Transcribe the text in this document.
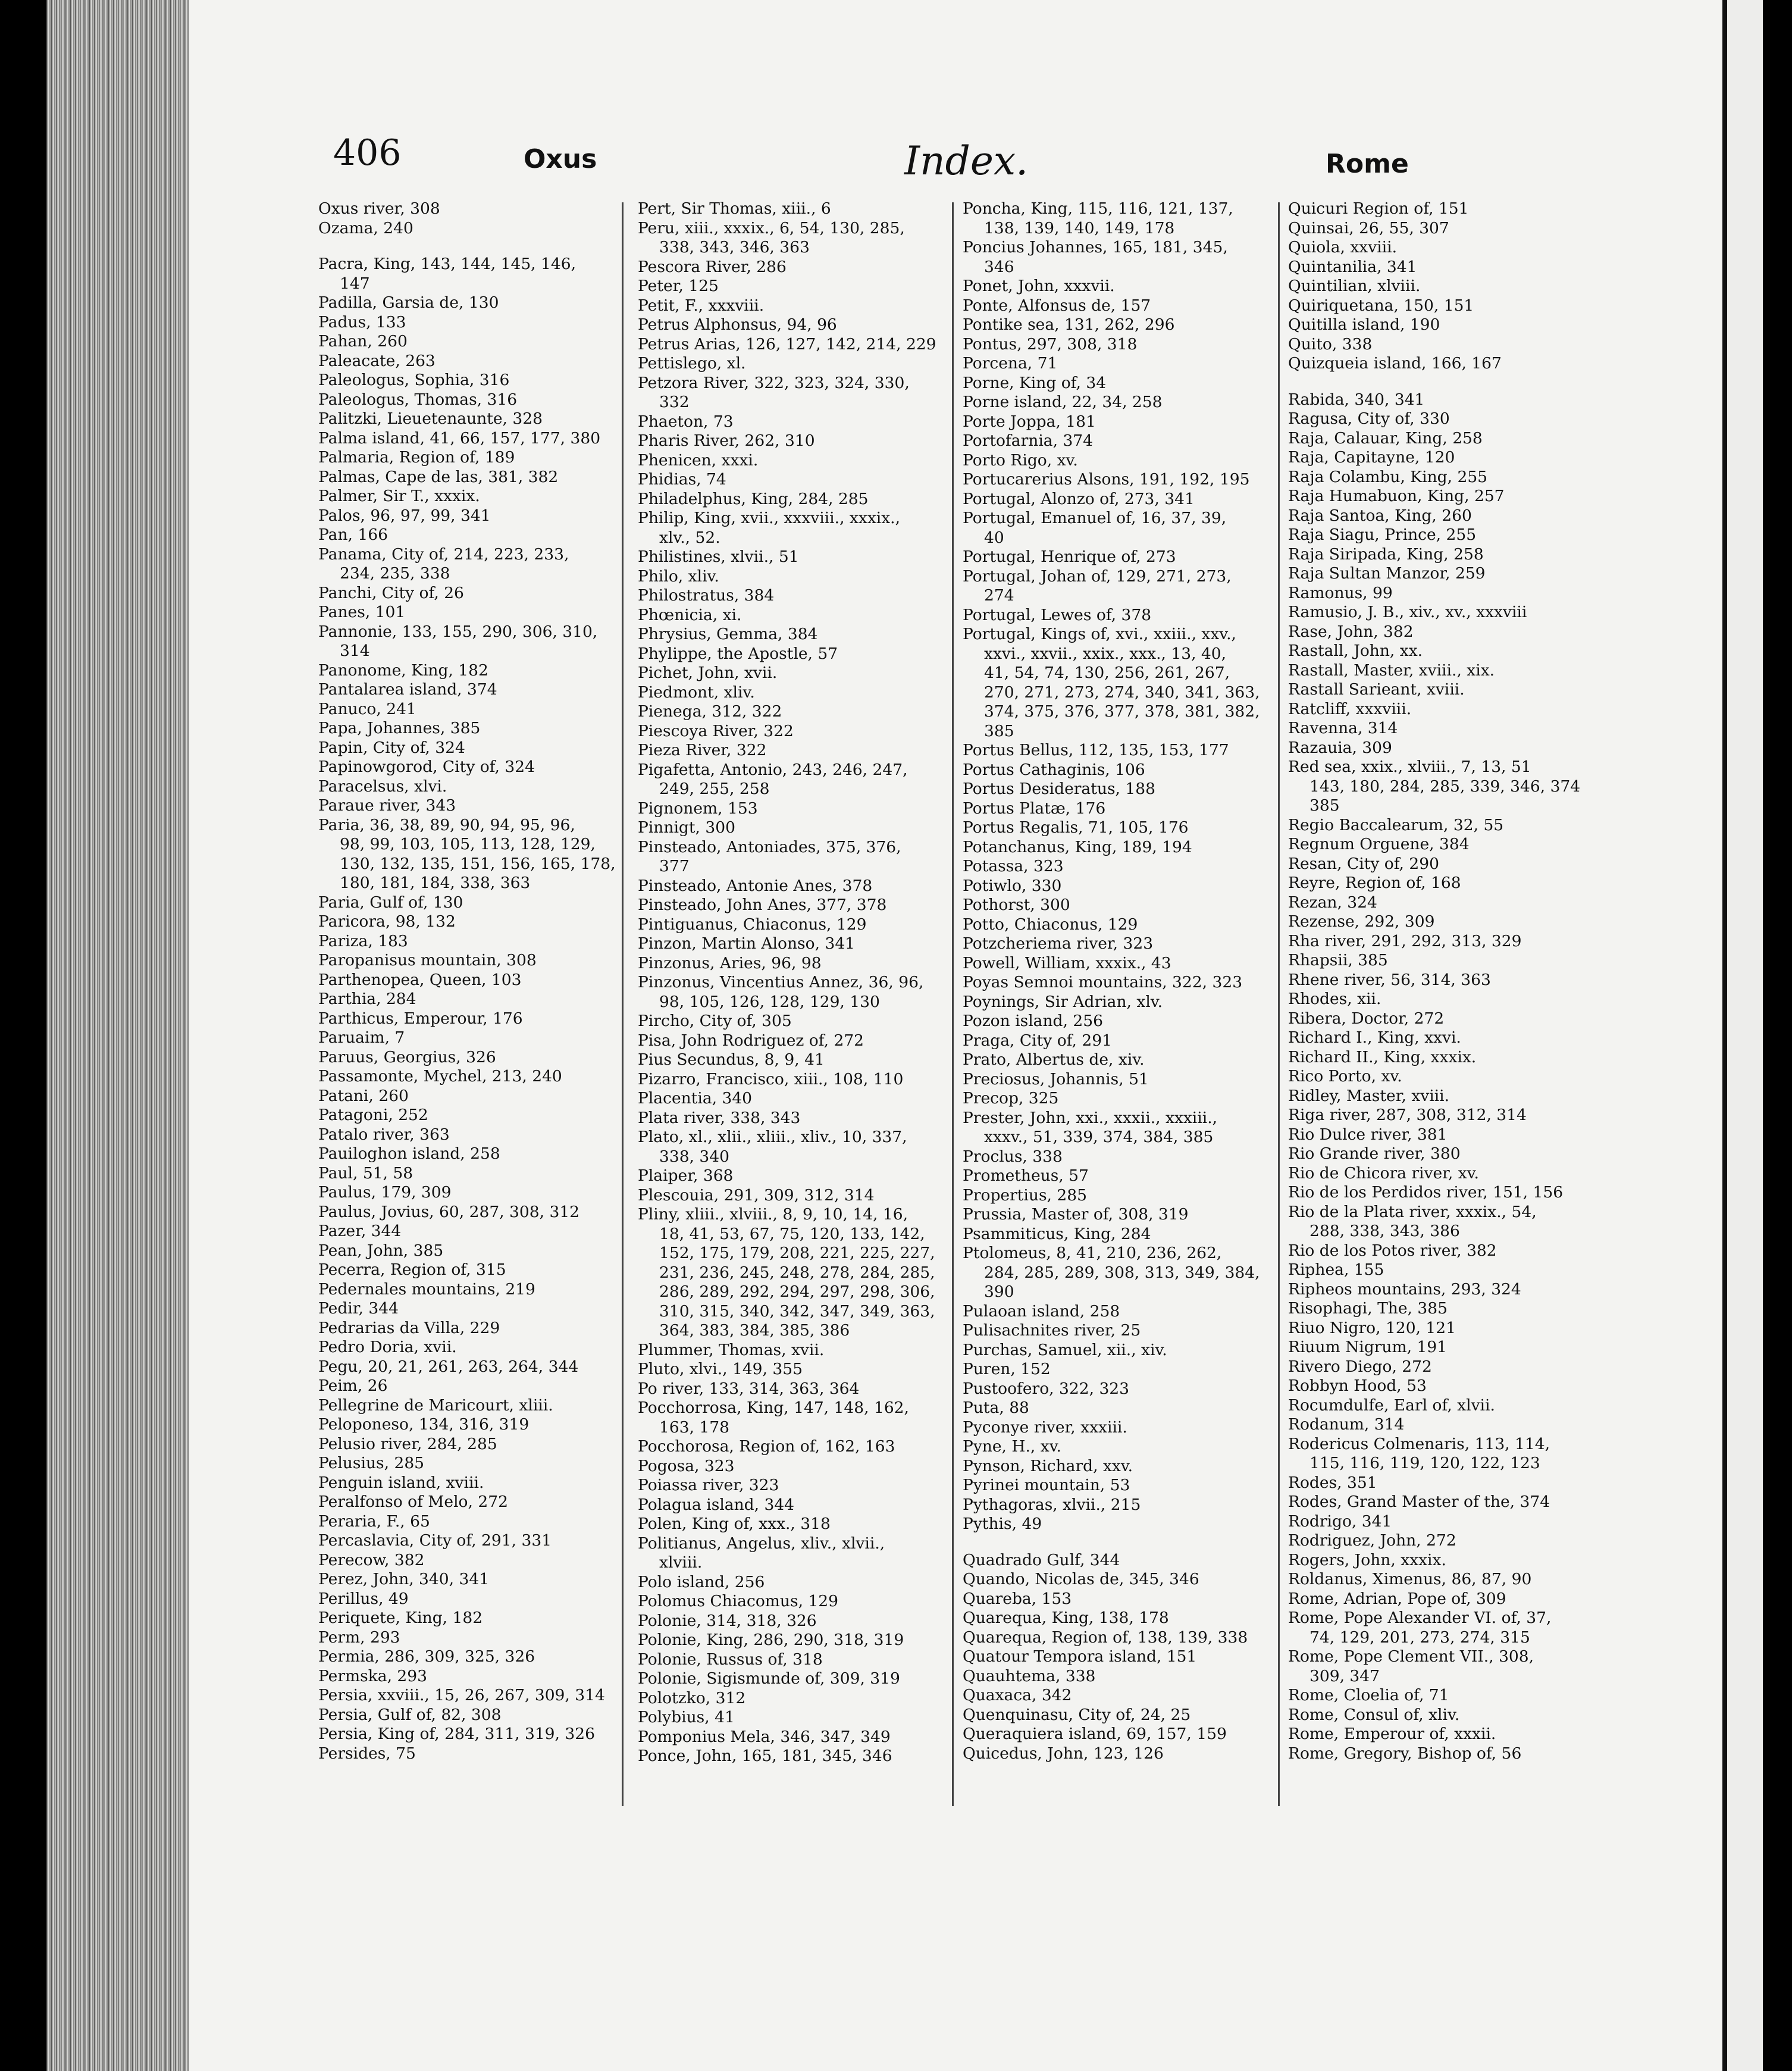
406	Oxus	Index.	Rome
Oxus river, 308
Ozama, 240
Pacra, King, 143, 144, 145, 146,
147
Padilla, Garsia de, 130
Padus, 133
Pahan, 260
Paleacate, 263
Paleologus, Sophia, 316
Paleologus, Thomas, 316
Palitzki, Lieuetenaunte, 328
Palma island, 41, 66, 157, 177, 380
Palmaria, Region of, 189
Palmas, Cape de las, 381, 382
Palmer, Sir T., xxxix.
Palos, 96, 97, 99, 341
Pan, 166
Panama, City of, 214, 223, 233,
234, 235, 338
Panchi, City of, 26
Panes, 101
Pannonie, 133, 155, 290, 306, 310,
314
Panonome, King, 182
Pantalarea island, 374
Panuco, 241
Papa, Johannes, 385
Papin, City of, 324
Papinowgorod, City of, 324
Paracelsus, xlvi.
Paraue river, 343
Paria, 36, 38, 89, 90, 94, 95, 96,
98, 99, 103, 105, 113, 128, 129,
130, 132, 135, 151, 156, 165, 178,
180, 181, 184, 338, 363
Paria, Gulf of, 130
Paricora, 98, 132
Pariza, 183
Paropanisus mountain, 308
Parthenopea, Queen, 103
Parthia, 284
Parthicus, Emperour, 176
Paruaim, 7
Paruus, Georgius, 326
Passamonte, Mychel, 213, 240
Patani, 260
Patagoni, 252
Patalo river, 363
Pauiloghon island, 258
Paul, 51, 58
Paulus, 179, 309
Paulus, Jovius, 60, 287, 308, 312
Pazer, 344
Pean, John, 385
Pecerra, Region of, 315
Pedernales mountains, 219
Pedir, 344
Pedrarias da Villa, 229
Pedro Doria, xvii.
Pegu, 20, 21, 261, 263, 264, 344
Peim, 26
Pellegrine de Maricourt, xliii.
Peloponeso, 134, 316, 319
Pelusio river, 284, 285
Pelusius, 285
Penguin island, xviii.
Peralfonso of Melo, 272
Peraria, F., 65
Percaslavia, City of, 291, 331
Perecow, 382
Perez, John, 340, 341
Perillus, 49
Periquete, King, 182
Perm, 293
Permia, 286, 309, 325, 326
Permska, 293
Persia, xxviii., 15, 26, 267, 309, 314
Persia, Gulf of, 82, 308
Persia, King of, 284, 311, 319, 326
Persides, 75
Pert, Sir Thomas, xiii., 6
Peru, xiii., xxxix., 6, 54, 130, 285,
338, 343, 346, 363
Pescora River, 286
Peter, 125
Petit, F., xxxviii.
Petrus Alphonsus, 94, 96
Petrus Arias, 126, 127, 142, 214, 229
Pettislego, xl.
Petzora River, 322, 323, 324, 330,
332
Phaeton, 73
Pharis River, 262, 310
Phenicen, xxxi.
Phidias, 74
Philadelphus, King, 284, 285
Philip, King, xvii., xxxviii., xxxix.,
xlv., 52.
Philistines, xlvii., 51
Philo, xliv.
Philostratus, 384
Phœnicia, xi.
Phrysius, Gemma, 384
Phylippe, the Apostle, 57
Pichet, John, xvii.
Piedmont, xliv.
Pienega, 312, 322
Piescoya River, 322
Pieza River, 322
Pigafetta, Antonio, 243, 246, 247,
249, 255, 258
Pignonem, 153
Pinnigt, 300
Pinsteado, Antoniades, 375, 376,
377
Pinsteado, Antonie Anes, 378
Pinsteado, John Anes, 377, 378
Pintiguanus, Chiaconus, 129
Pinzon, Martin Alonso, 341
Pinzonus, Aries, 96, 98
Pinzonus, Vincentius Annez, 36, 96,
98, 105, 126, 128, 129, 130
Pircho, City of, 305
Pisa, John Rodriguez of, 272
Pius Secundus, 8, 9, 41
Pizarro, Francisco, xiii., 108, 110
Placentia, 340
Plata river, 338, 343
Plato, xl., xlii., xliii., xliv., 10, 337,
338, 340
Plaiper, 368
Plescouia, 291, 309, 312, 314
Pliny, xliii., xlviii., 8, 9, 10, 14, 16,
18, 41, 53, 67, 75, 120, 133, 142,
152, 175, 179, 208, 221, 225, 227,
231, 236, 245, 248, 278, 284, 285,
286, 289, 292, 294, 297, 298, 306,
310, 315, 340, 342, 347, 349, 363,
364, 383, 384, 385, 386
Plummer, Thomas, xvii.
Pluto, xlvi., 149, 355
Po river, 133, 314, 363, 364
Pocchorrosa, King, 147, 148, 162,
163, 178
Pocchorosa, Region of, 162, 163
Pogosa, 323
Poiassa river, 323
Polagua island, 344
Polen, King of, xxx., 318
Politianus, Angelus, xliv., xlvii.,
xlviii.
Polo island, 256
Polomus Chiacomus, 129
Polonie, 314, 318, 326
Polonie, King, 286, 290, 318, 319
Polonie, Russus of, 318
Polonie, Sigismunde of, 309, 319
Polotzko, 312
Polybius, 41
Pomponius Mela, 346, 347, 349
Ponce, John, 165, 181, 345, 346
Poncha, King, 115, 116, 121, 137,
138, 139, 140, 149, 178
Poncius Johannes, 165, 181, 345,
346
Ponet, John, xxxvii.
Ponte, Alfonsus de, 157
Pontike sea, 131, 262, 296
Pontus, 297, 308, 318
Porcena, 71
Porne, King of, 34
Porne island, 22, 34, 258
Porte Joppa, 181
Portofarnia, 374
Porto Rigo, xv.
Portucarerius Alsons, 191, 192, 195
Portugal, Alonzo of, 273, 341
Portugal, Emanuel of, 16, 37, 39,
40
Portugal, Henrique of, 273
Portugal, Johan of, 129, 271, 273,
274
Portugal, Lewes of, 378
Portugal, Kings of, xvi., xxiii., xxv.,
xxvi., xxvii., xxix., xxx., 13, 40,
41, 54, 74, 130, 256, 261, 267,
270, 271, 273, 274, 340, 341, 363,
374, 375, 376, 377, 378, 381, 382,
385
Portus Bellus, 112, 135, 153, 177
Portus Cathaginis, 106
Portus Desideratus, 188
Portus Platæ, 176
Portus Regalis, 71, 105, 176
Potanchanus, King, 189, 194
Potassa, 323
Potiwlo, 330
Pothorst, 300
Potto, Chiaconus, 129
Potzcheriema river, 323
Powell, William, xxxix., 43
Poyas Semnoi mountains, 322, 323
Poynings, Sir Adrian, xlv.
Pozon island, 256
Praga, City of, 291
Prato, Albertus de, xiv.
Preciosus, Johannis, 51
Precop, 325
Prester, John, xxi., xxxii., xxxiii.,
xxxv., 51, 339, 374, 384, 385
Proclus, 338
Prometheus, 57
Propertius, 285
Prussia, Master of, 308, 319
Psammiticus, King, 284
Ptolomeus, 8, 41, 210, 236, 262,
284, 285, 289, 308, 313, 349, 384,
390
Pulaoan island, 258
Pulisachnites river, 25
Purchas, Samuel, xii., xiv.
Puren, 152
Pustoofero, 322, 323
Puta, 88
Pyconye river, xxxiii.
Pyne, H., xv.
Pynson, Richard, xxv.
Pyrinei mountain, 53
Pythagoras, xlvii., 215
Pythis, 49
Quadrado Gulf, 344
Quando, Nicolas de, 345, 346
Quareba, 153
Quarequa, King, 138, 178
Quarequa, Region of, 138, 139, 338
Quatour Tempora island, 151
Quauhtema, 338
Quaxaca, 342
Quenquinasu, City of, 24, 25
Queraquiera island, 69, 157, 159
Quicedus, John, 123, 126
Quicuri Region of, 151
Quinsai, 26, 55, 307
Quiola, xxviii.
Quintanilia, 341
Quintilian, xlviii.
Quiriquetana, 150, 151
Quitilla island, 190
Quito, 338
Quizqueia island, 166, 167
Rabida, 340, 341
Ragusa, City of, 330
Raja, Calauar, King, 258
Raja, Capitayne, 120
Raja Colambu, King, 255
Raja Humabuon, King, 257
Raja Santoa, King, 260
Raja Siagu, Prince, 255
Raja Siripada, King, 258
Raja Sultan Manzor, 259
Ramonus, 99
Ramusio, J. B., xiv., xv., xxxviii
Rase, John, 382
Rastall, John, xx.
Rastall, Master, xviii., xix.
Rastall Sarieant, xviii.
Ratcliff, xxxviii.
Ravenna, 314
Razauia, 309
Red sea, xxix., xlviii., 7, 13, 51
143, 180, 284, 285, 339, 346, 374
385
Regio Baccalearum, 32, 55
Regnum Orguene, 384
Resan, City of, 290
Reyre, Region of, 168
Rezan, 324
Rezense, 292, 309
Rha river, 291, 292, 313, 329
Rhapsii, 385
Rhene river, 56, 314, 363
Rhodes, xii.
Ribera, Doctor, 272
Richard I., King, xxvi.
Richard II., King, xxxix.
Rico Porto, xv.
Ridley, Master, xviii.
Riga river, 287, 308, 312, 314
Rio Dulce river, 381
Rio Grande river, 380
Rio de Chicora river, xv.
Rio de los Perdidos river, 151, 156
Rio de la Plata river, xxxix., 54,
288, 338, 343, 386
Rio de los Potos river, 382
Riphea, 155
Ripheos mountains, 293, 324
Risophagi, The, 385
Riuo Nigro, 120, 121
Riuum Nigrum, 191
Rivero Diego, 272
Robbyn Hood, 53
Rocumdulfe, Earl of, xlvii.
Rodanum, 314
Rodericus Colmenaris, 113, 114,
115, 116, 119, 120, 122, 123
Rodes, 351
Rodes, Grand Master of the, 374
Rodrigo, 341
Rodriguez, John, 272
Rogers, John, xxxix.
Roldanus, Ximenus, 86, 87, 90
Rome, Adrian, Pope of, 309
Rome, Pope Alexander VI. of, 37,
74, 129, 201, 273, 274, 315
Rome, Pope Clement VII., 308,
309, 347
Rome, Cloelia of, 71
Rome, Consul of, xliv.
Rome, Emperour of, xxxii.
Rome, Gregory, Bishop of, 56
